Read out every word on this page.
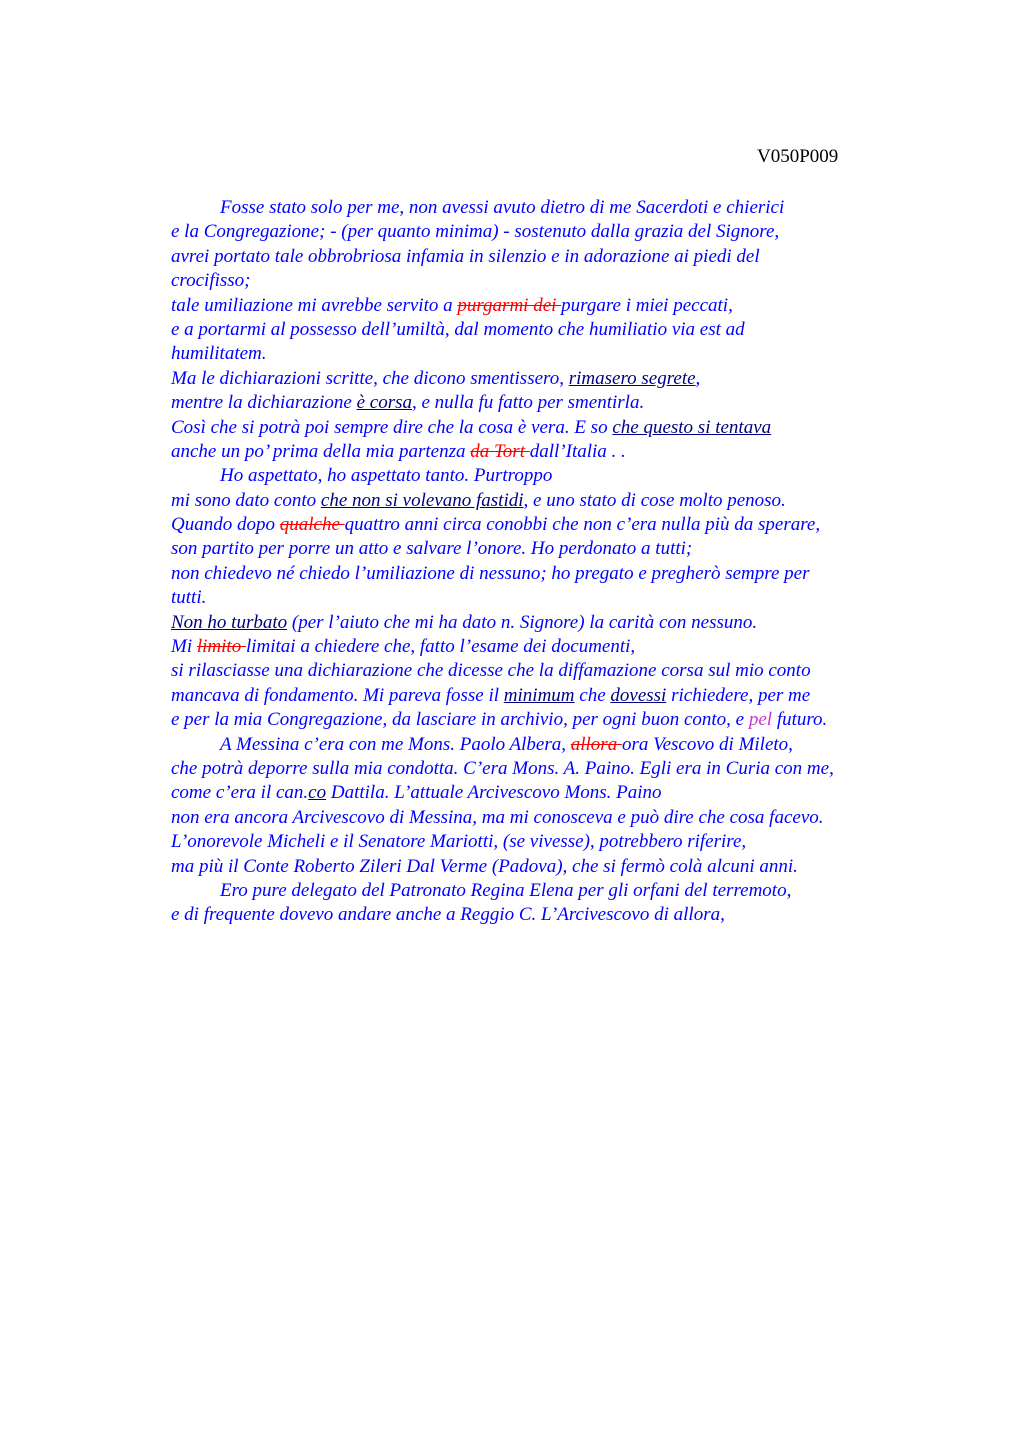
V050P009
Fosse stato solo per me, non avessi avuto dietro di me Sacerdoti e chierici
e la Congregazione; - (per quanto minima) - sostenuto dalla grazia del Signore,
avrei portato tale obbrobriosa infamia in silenzio e in adorazione ai piedi del
crocifisso;
tale umiliazione mi avrebbe servito a purgarmi dei purgare i miei peccati,
e a portarmi al possesso dell’umiltà, dal momento che humiliatio via est ad
humilitatem.
Ma le dichiarazioni scritte, che dicono smentissero, rimasero segrete,
mentre la dichiarazione è corsa, e nulla fu fatto per smentirla.
Così che si potrà poi sempre dire che la cosa è vera. E so che questo si tentava
anche un po’ prima della mia partenza da Tort dall’Italia . .
Ho aspettato, ho aspettato tanto. Purtroppo
mi sono dato conto che non si volevano fastidi, e uno stato di cose molto penoso.
Quando dopo qualche quattro anni circa conobbi che non c’era nulla più da sperare,
son partito per porre un atto e salvare l’onore. Ho perdonato a tutti;
non chiedevo né chiedo l’umiliazione di nessuno; ho pregato e pregherò sempre per
tutti.
Non ho turbato (per l’aiuto che mi ha dato n. Signore) la carità con nessuno.
Mi limito limitai a chiedere che, fatto l’esame dei documenti,
si rilasciasse una dichiarazione che dicesse che la diffamazione corsa sul mio conto
mancava di fondamento. Mi pareva fosse il minimum che dovessi richiedere, per me
e per la mia Congregazione, da lasciare in archivio, per ogni buon conto, e pel futuro.
A Messina c’era con me Mons. Paolo Albera, allora ora Vescovo di Mileto,
che potrà deporre sulla mia condotta. C’era Mons. A. Paino. Egli era in Curia con me,
come c’era il can.co Dattila. L’attuale Arcivescovo Mons. Paino
non era ancora Arcivescovo di Messina, ma mi conosceva e può dire che cosa facevo.
L’onorevole Micheli e il Senatore Mariotti, (se vivesse), potrebbero riferire,
ma più il Conte Roberto Zileri Dal Verme (Padova), che si fermò colà alcuni anni.
Ero pure delegato del Patronato Regina Elena per gli orfani del terremoto,
e di frequente dovevo andare anche a Reggio C. L’Arcivescovo di allora,
